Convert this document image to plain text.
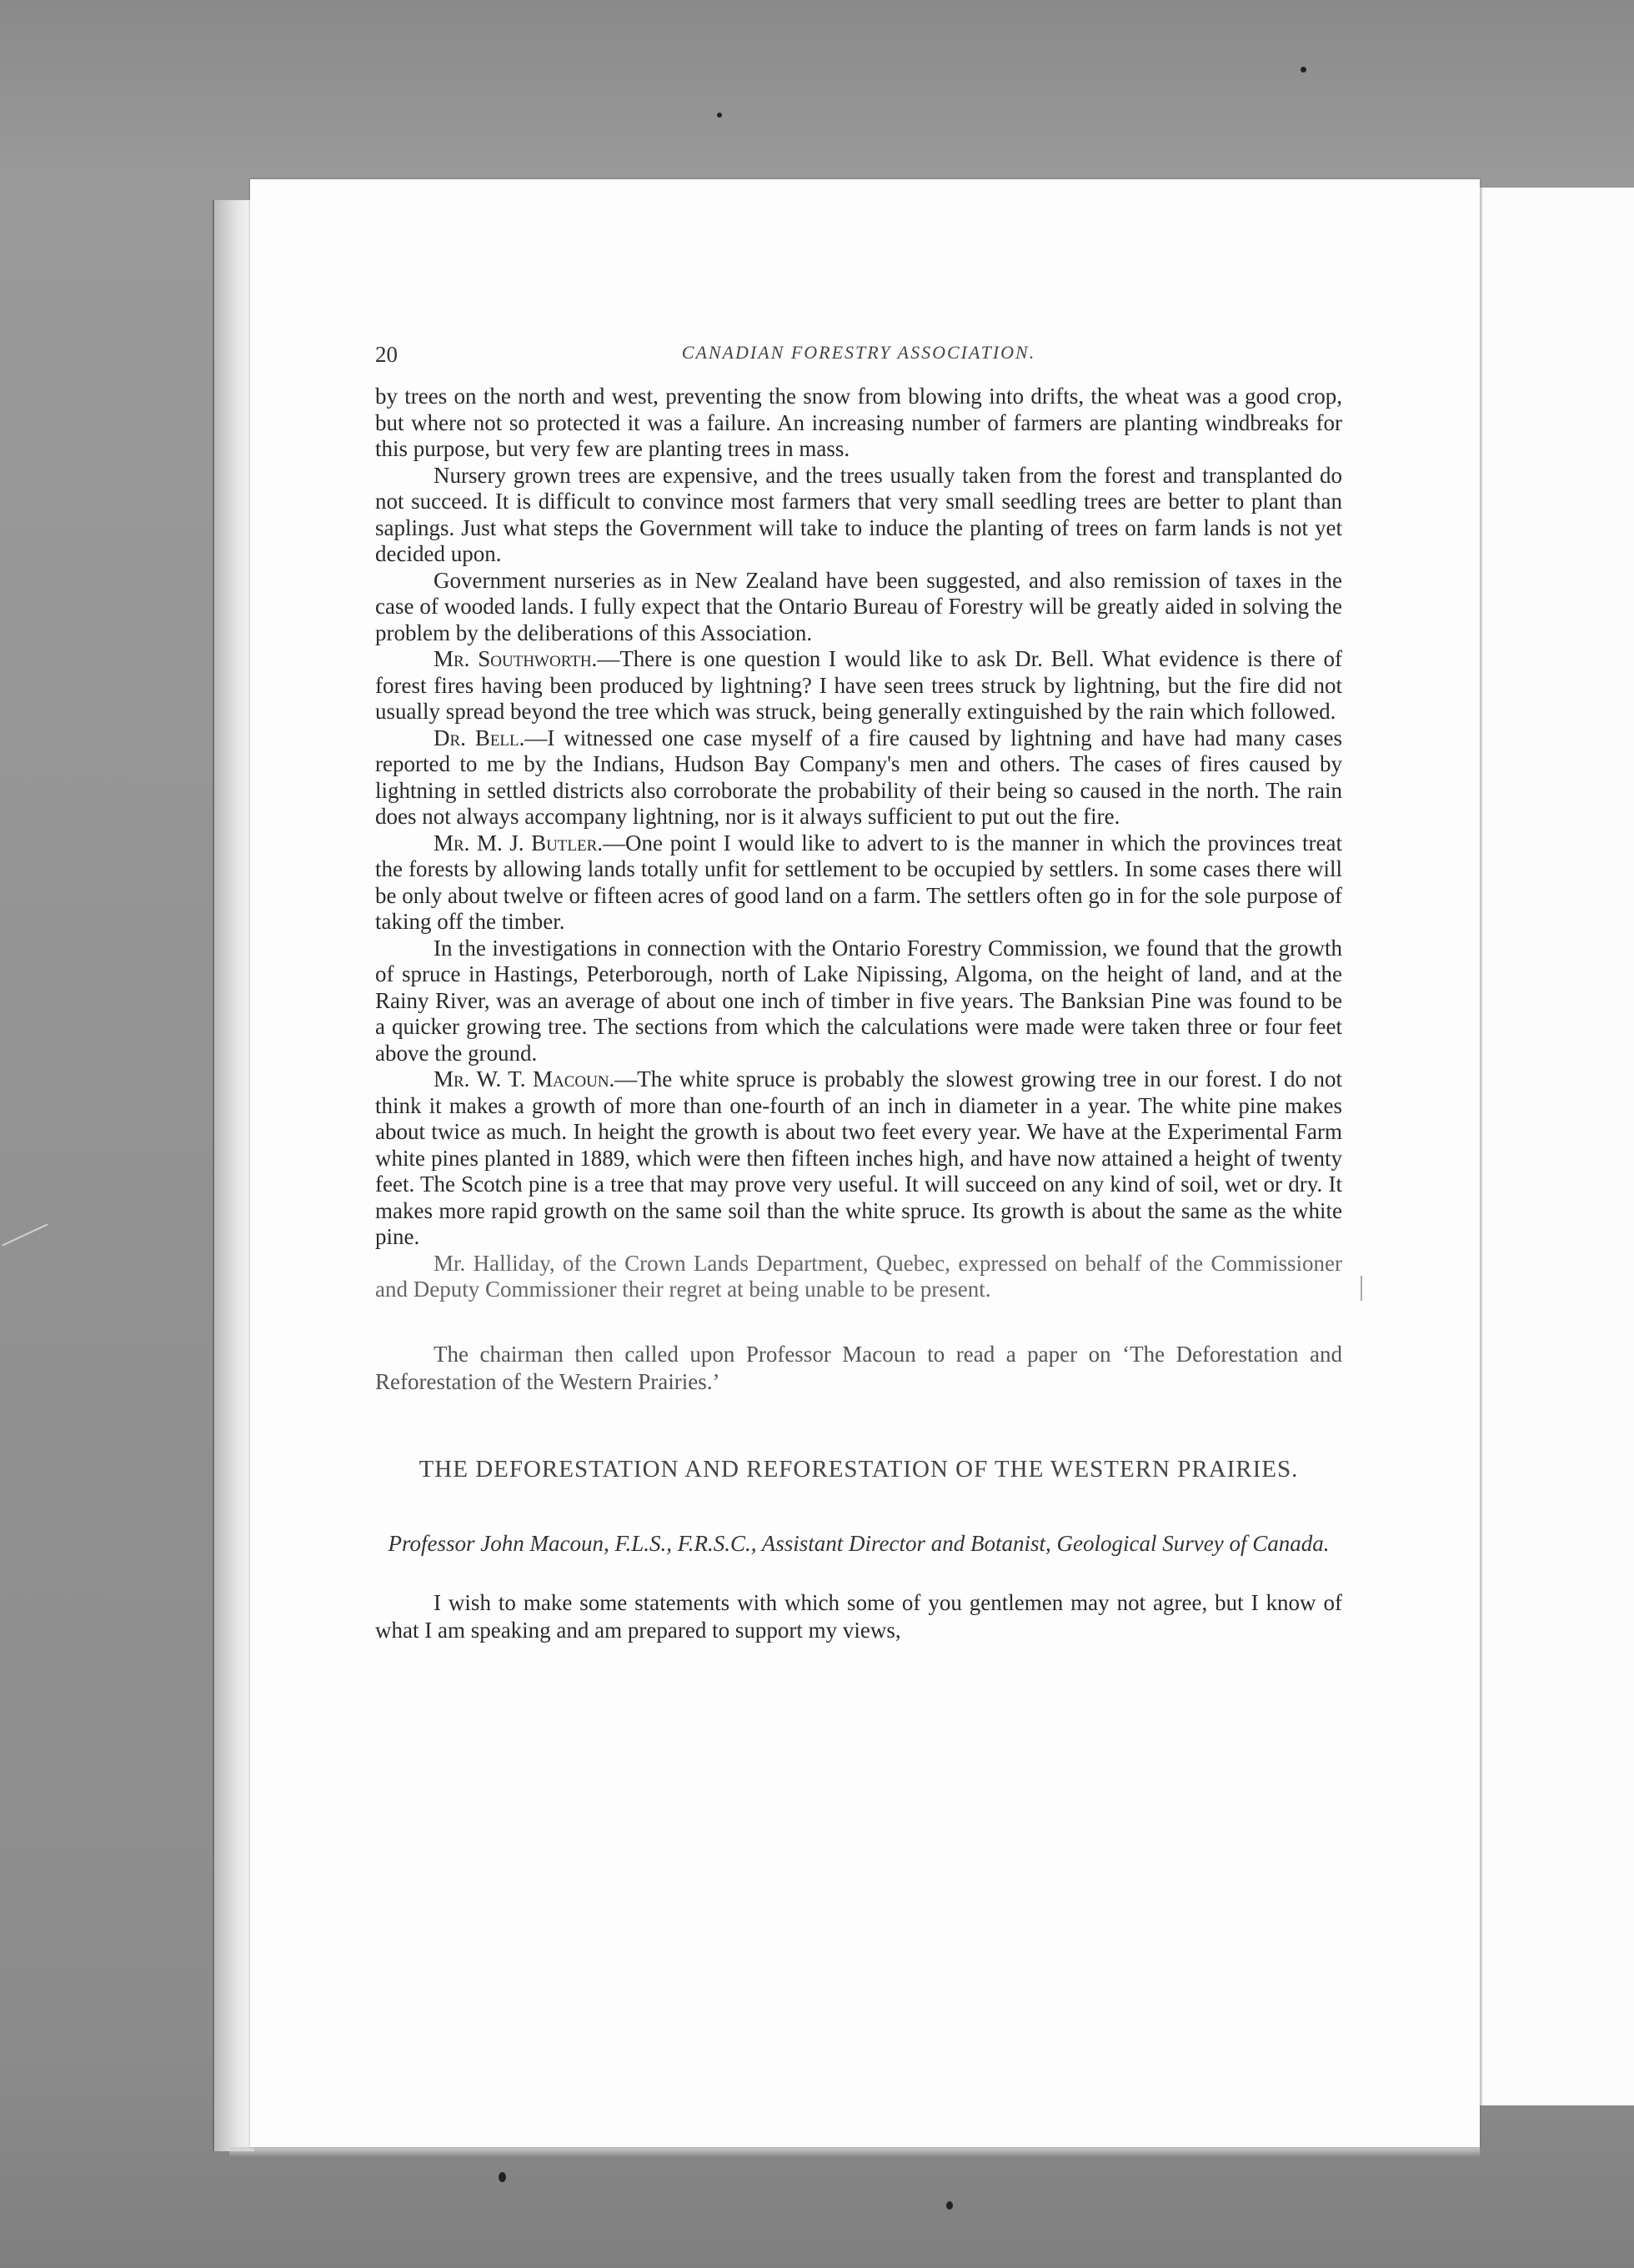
20	CANADIAN FORESTRY ASSOCIATION.

by trees on the north and west, preventing the snow from blowing into drifts, the wheat was a good crop, but where not so protected it was a failure. An increasing number of farmers are planting windbreaks for this purpose, but very few are planting trees in mass.

Nursery grown trees are expensive, and the trees usually taken from the forest and transplanted do not succeed. It is difficult to convince most farmers that very small seedling trees are better to plant than saplings. Just what steps the Government will take to induce the planting of trees on farm lands is not yet decided upon.

Government nurseries as in New Zealand have been suggested, and also remission of taxes in the case of wooded lands. I fully expect that the Ontario Bureau of Forestry will be greatly aided in solving the problem by the deliberations of this Association.

Mr. Southworth.—There is one question I would like to ask Dr. Bell. What evidence is there of forest fires having been produced by lightning? I have seen trees struck by lightning, but the fire did not usually spread beyond the tree which was struck, being generally extinguished by the rain which followed.

Dr. Bell.—I witnessed one case myself of a fire caused by lightning and have had many cases reported to me by the Indians, Hudson Bay Company's men and others. The cases of fires caused by lightning in settled districts also corroborate the probability of their being so caused in the north. The rain does not always accompany lightning, nor is it always sufficient to put out the fire.

Mr. M. J. Butler.—One point I would like to advert to is the manner in which the provinces treat the forests by allowing lands totally unfit for settlement to be occupied by settlers. In some cases there will be only about twelve or fifteen acres of good land on a farm. The settlers often go in for the sole purpose of taking off the timber.

In the investigations in connection with the Ontario Forestry Commission, we found that the growth of spruce in Hastings, Peterborough, north of Lake Nipissing, Algoma, on the height of land, and at the Rainy River, was an average of about one inch of timber in five years. The Banksian Pine was found to be a quicker growing tree. The sections from which the calculations were made were taken three or four feet above the ground.

Mr. W. T. Macoun.—The white spruce is probably the slowest growing tree in our forest. I do not think it makes a growth of more than one-fourth of an inch in diameter in a year. The white pine makes about twice as much. In height the growth is about two feet every year. We have at the Experimental Farm white pines planted in 1889, which were then fifteen inches high, and have now attained a height of twenty feet. The Scotch pine is a tree that may prove very useful. It will succeed on any kind of soil, wet or dry. It makes more rapid growth on the same soil than the white spruce. Its growth is about the same as the white pine.

Mr. Halliday, of the Crown Lands Department, Quebec, expressed on behalf of the Commissioner and Deputy Commissioner their regret at being unable to be present.

The chairman then called upon Professor Macoun to read a paper on ‘The Deforestation and Reforestation of the Western Prairies.’

THE DEFORESTATION AND REFORESTATION OF THE WESTERN PRAIRIES.
Professor John Macoun, F.L.S., F.R.S.C., Assistant Director and Botanist, Geological Survey of Canada.

I wish to make some statements with which some of you gentlemen may not agree, but I know of what I am speaking and am prepared to support my views,
